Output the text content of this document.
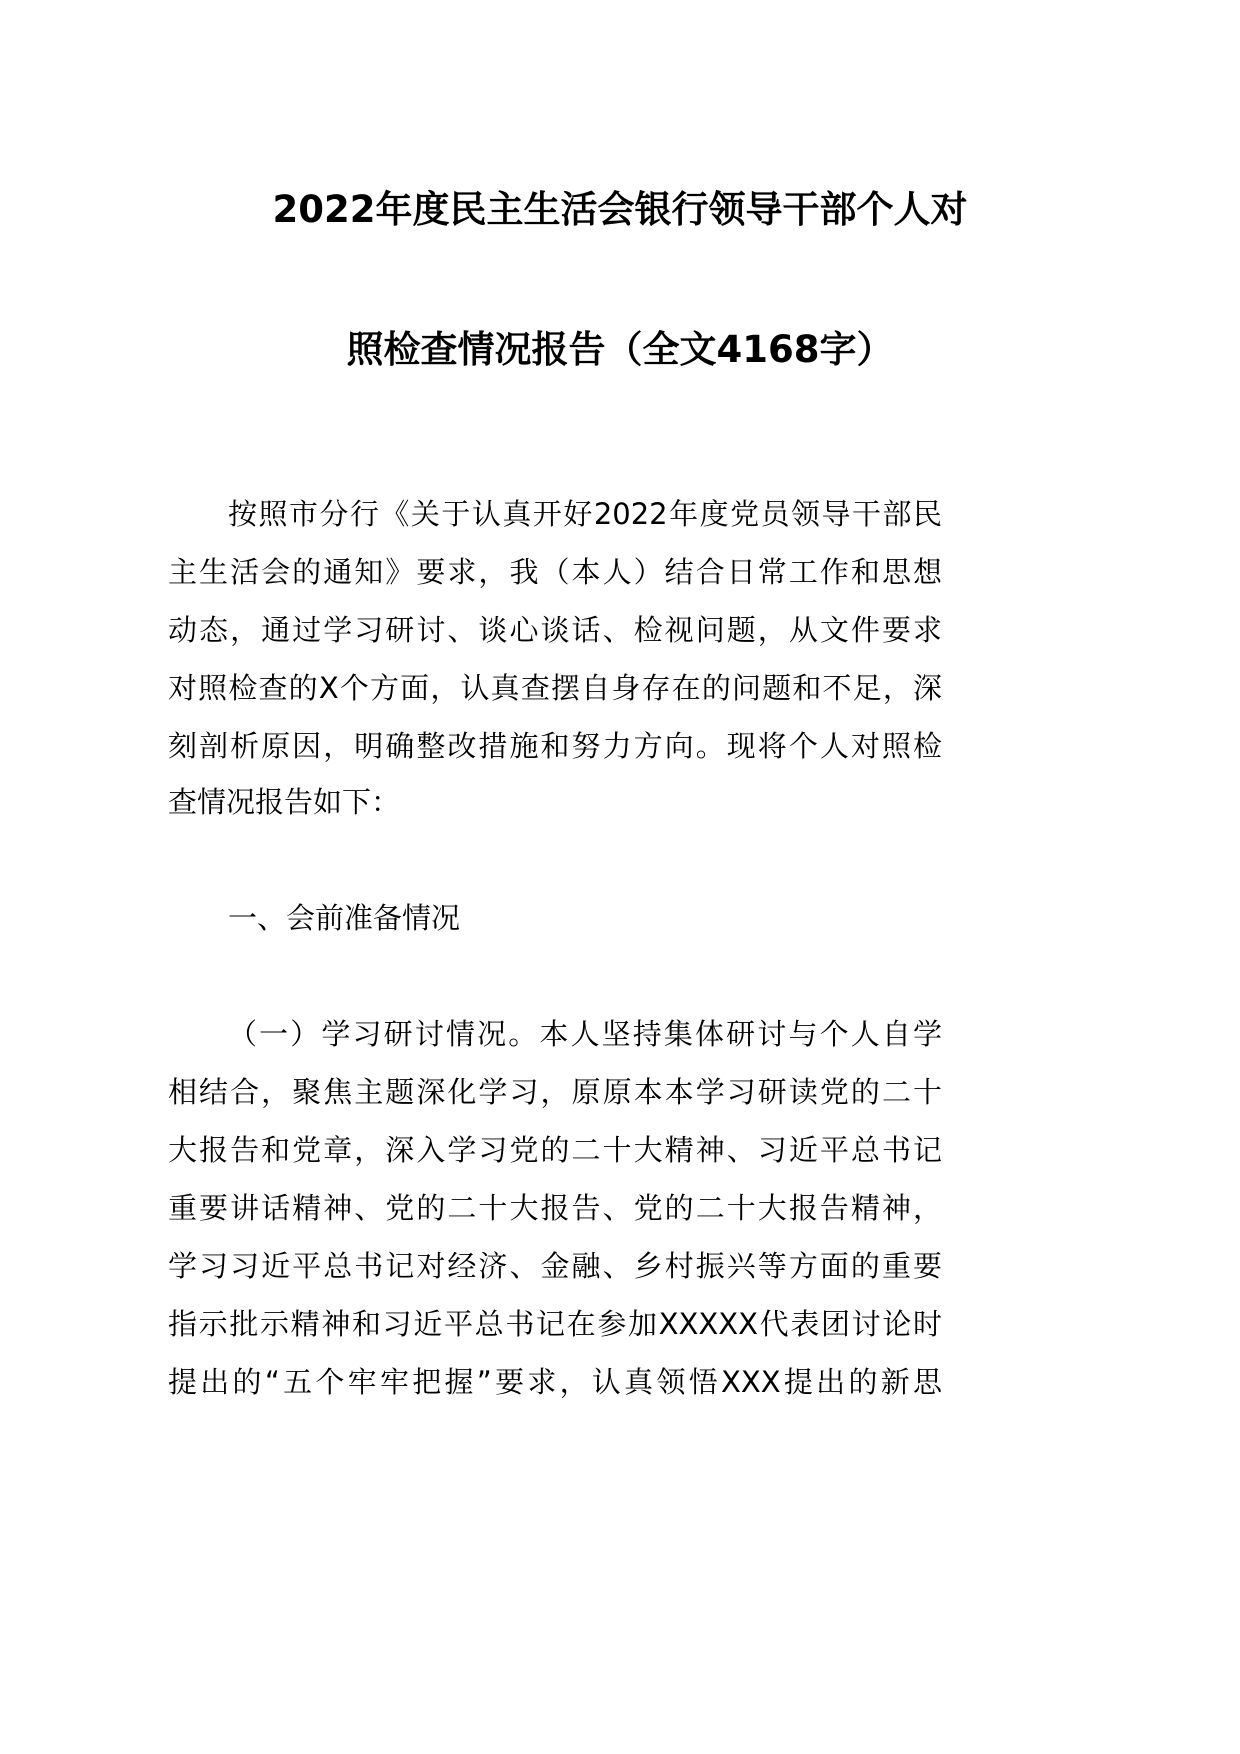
2022年度民主生活会银行领导干部个人对
照检查情况报告（全文4168字）
按照市分行《关于认真开好2022年度党员领导干部民
主生活会的通知》要求，我（本人）结合日常工作和思想
动态，通过学习研讨、谈心谈话、检视问题，从文件要求
对照检查的X个方面，认真查摆自身存在的问题和不足，深
刻剖析原因，明确整改措施和努力方向。现将个人对照检
查情况报告如下：
一、会前准备情况
（一）学习研讨情况。本人坚持集体研讨与个人自学
相结合，聚焦主题深化学习，原原本本学习研读党的二十
大报告和党章，深入学习党的二十大精神、习近平总书记
重要讲话精神、党的二十大报告、党的二十大报告精神，
学习习近平总书记对经济、金融、乡村振兴等方面的重要
指示批示精神和习近平总书记在参加XXXXX代表团讨论时
提出的“五个牢牢把握”要求，认真领悟XXX提出的新思
